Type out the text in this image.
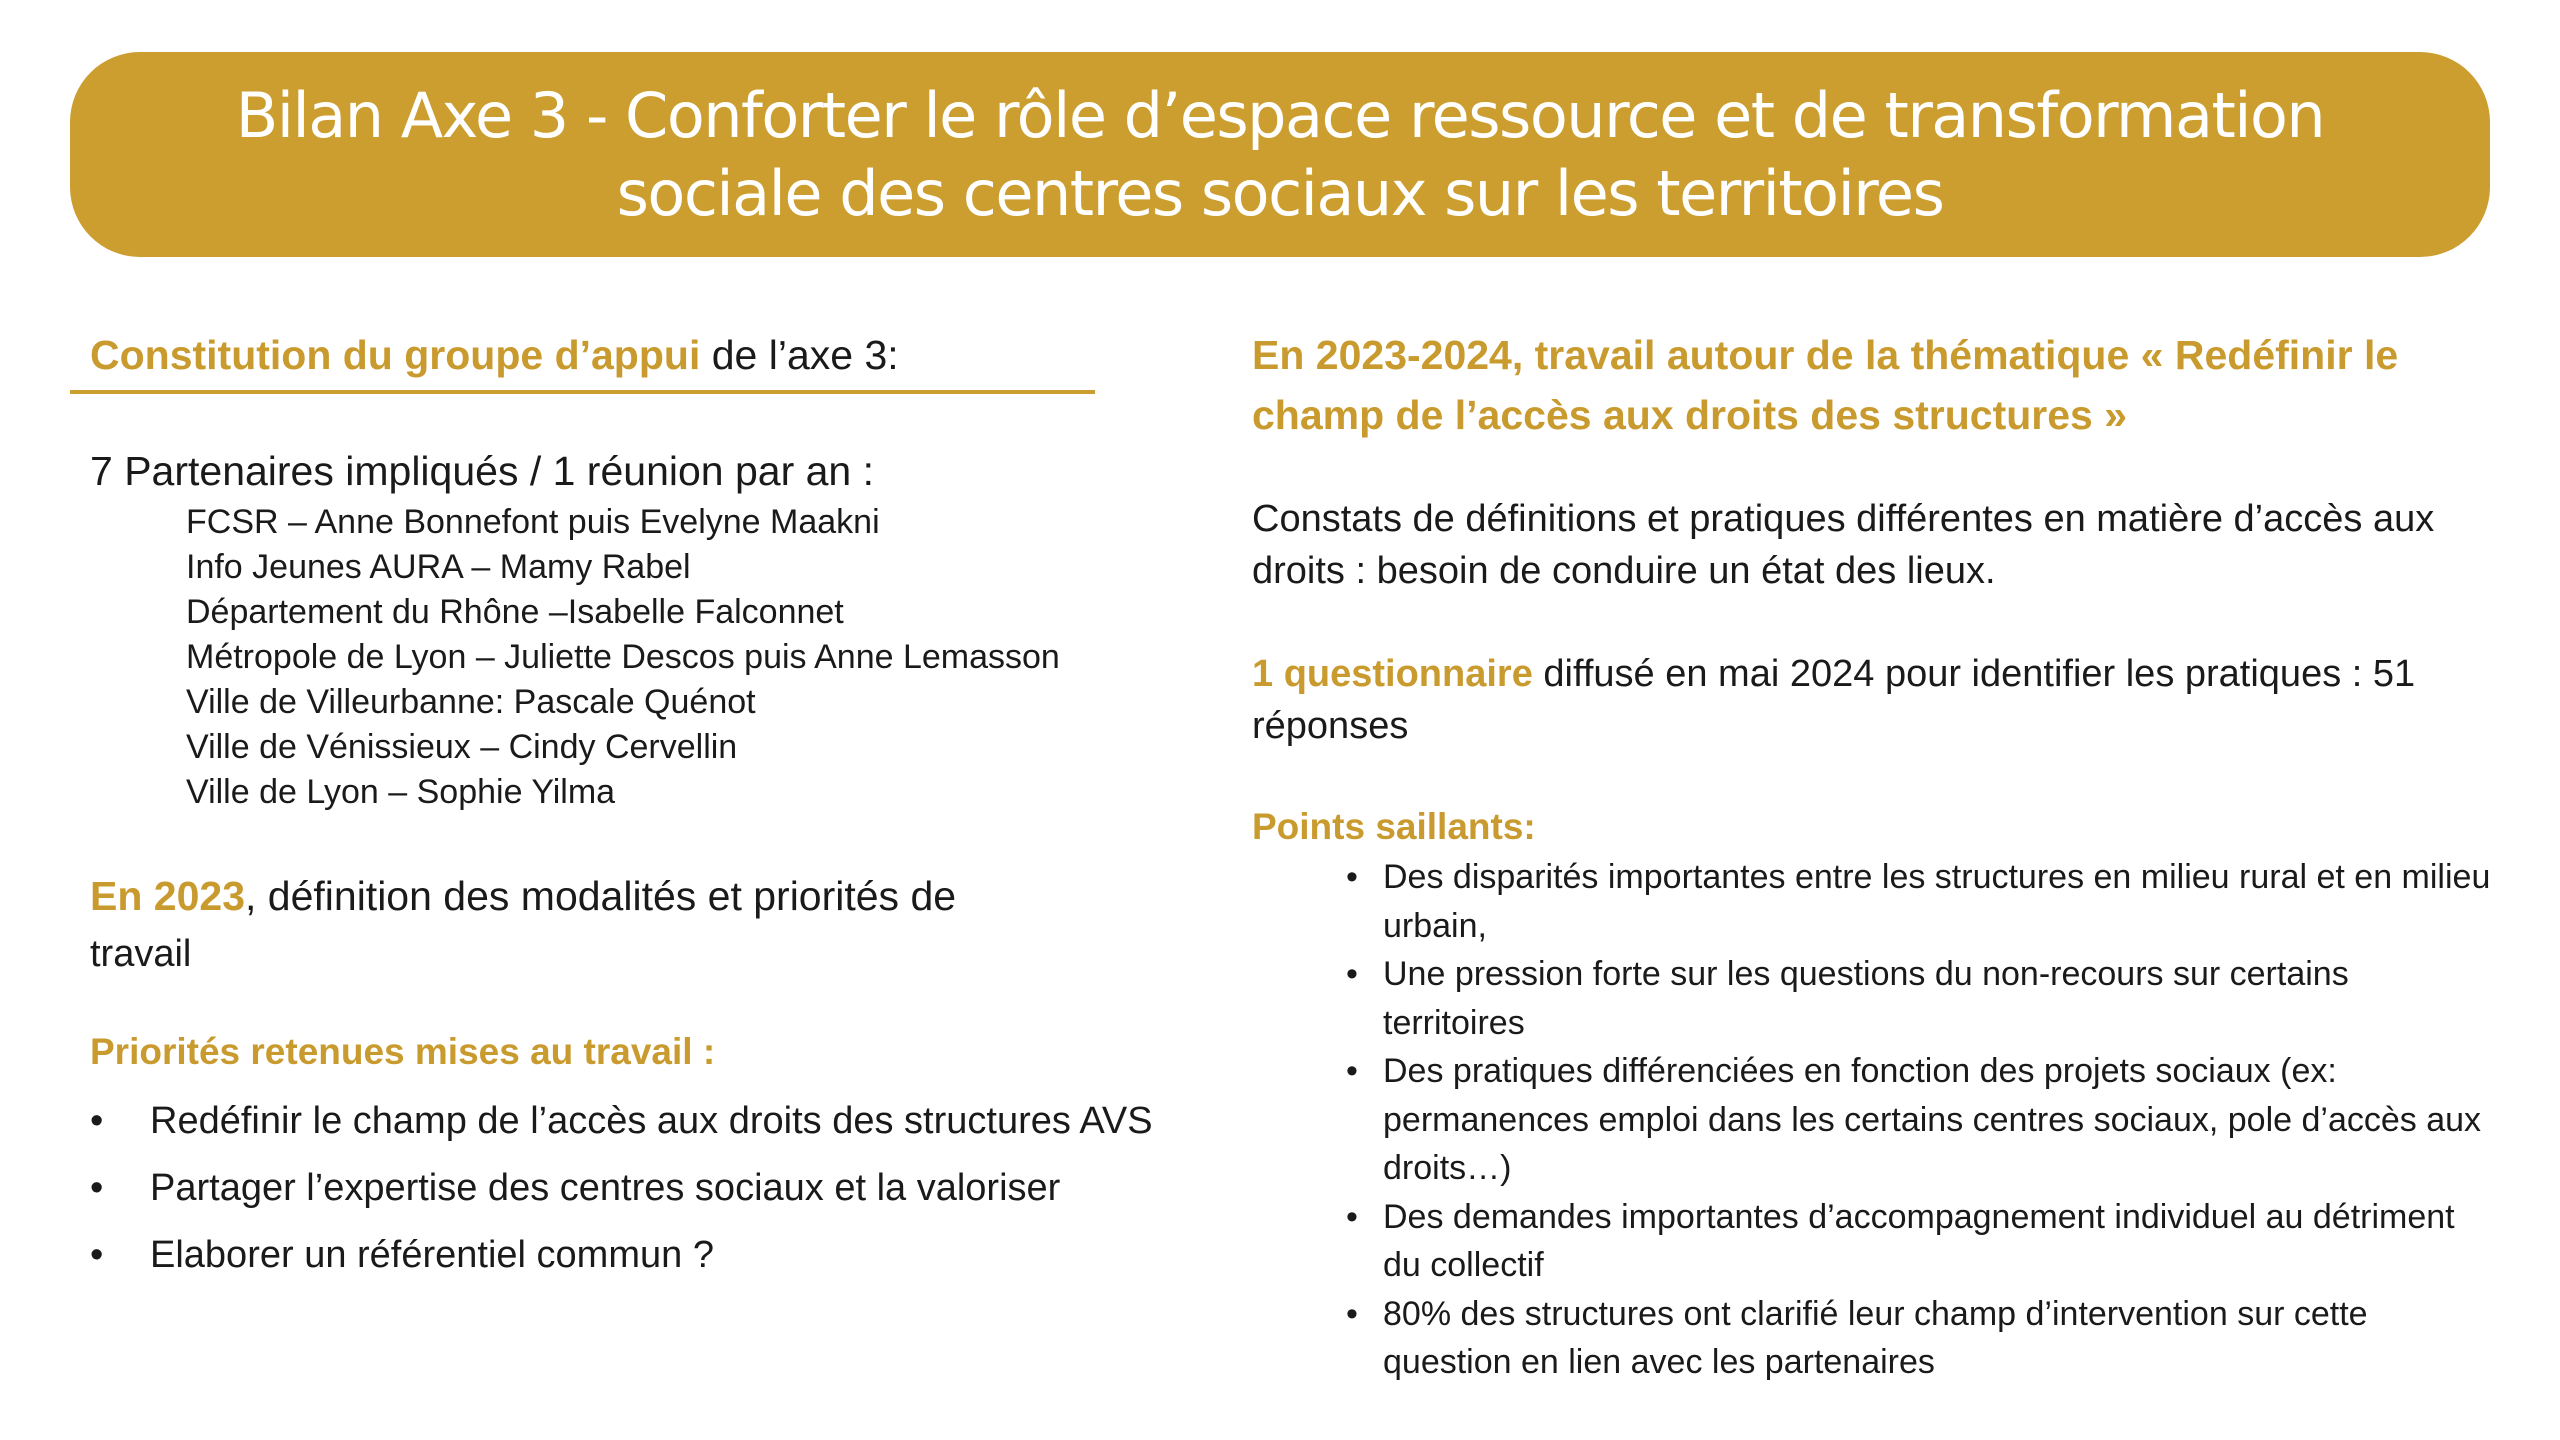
Bilan Axe 3 - Conforter le rôle d’espace ressource et de transformation
sociale des centres sociaux sur les territoires
Constitution du groupe d’appui de l’axe 3:
7 Partenaires impliqués / 1 réunion par an :
FCSR – Anne Bonnefont puis Evelyne Maakni
Info Jeunes AURA – Mamy Rabel
Département du Rhône –Isabelle Falconnet
Métropole de Lyon – Juliette Descos puis Anne Lemasson
Ville de Villeurbanne: Pascale Quénot
Ville de Vénissieux – Cindy Cervellin
Ville de Lyon – Sophie Yilma
En 2023, définition des modalités et priorités de
travail
Priorités retenues mises au travail :
• Redéfinir le champ de l’accès aux droits des structures AVS
• Partager l’expertise des centres sociaux et la valoriser
• Elaborer un référentiel commun ?
En 2023-2024, travail autour de la thématique « Redéfinir le champ de l’accès aux droits des structures »
Constats de définitions et pratiques différentes en matière d’accès aux droits : besoin de conduire un état des lieux.
1 questionnaire diffusé en mai 2024 pour identifier les pratiques : 51 réponses
Points saillants:
• Des disparités importantes entre les structures en milieu rural et en milieu urbain,
• Une pression forte sur les questions du non-recours sur certains territoires
• Des pratiques différenciées en fonction des projets sociaux (ex: permanences emploi dans les certains centres sociaux, pole d’accès aux droits…)
• Des demandes importantes d’accompagnement individuel au détriment du collectif
• 80% des structures ont clarifié leur champ d’intervention sur cette question en lien avec les partenaires
